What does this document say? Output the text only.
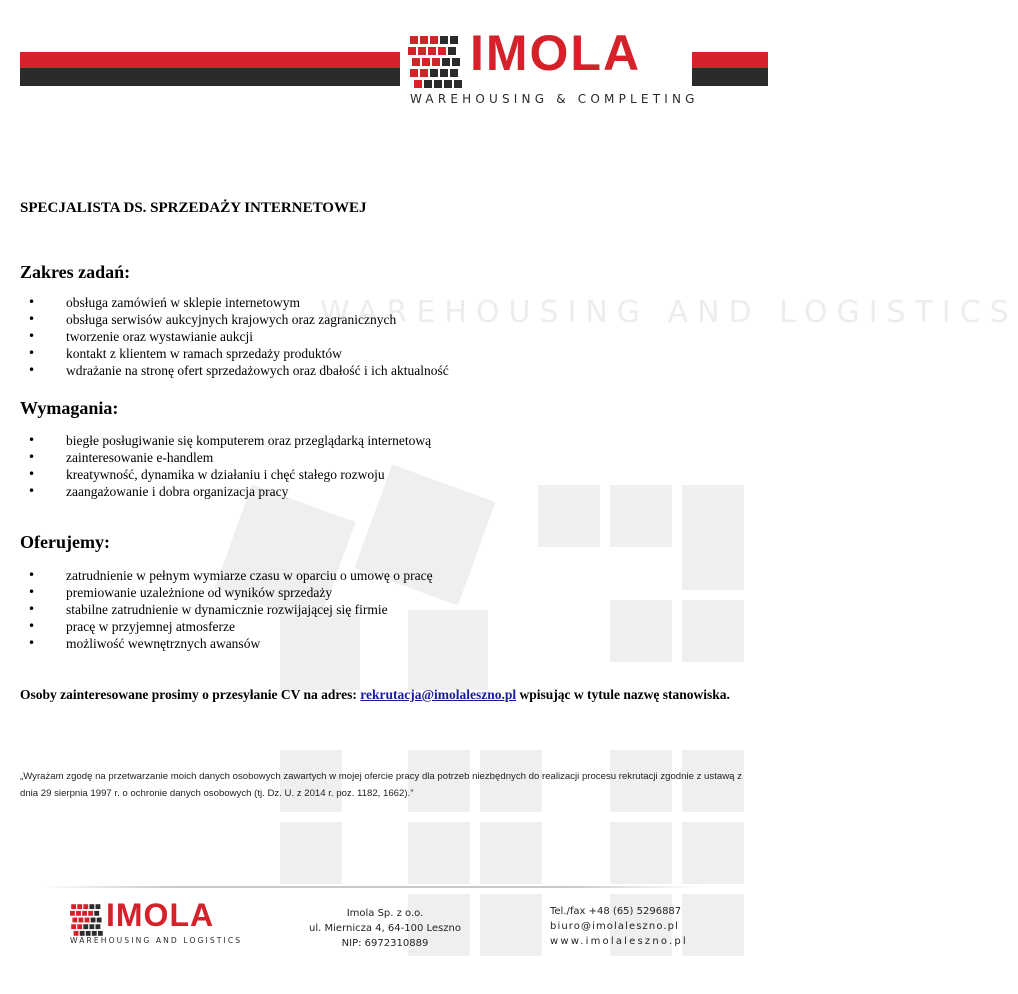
IMOLA
WAREHOUSING & COMPLETING
WAREHOUSING AND LOGISTICS
SPECJALISTA DS. SPRZEDAŻY INTERNETOWEJ
Zakres zadań:
• obsługa zamówień w sklepie internetowym
• obsługa serwisów aukcyjnych krajowych oraz zagranicznych
• tworzenie oraz wystawianie aukcji
• kontakt z klientem w ramach sprzedaży produktów
• wdrażanie na stronę ofert sprzedażowych oraz dbałość i ich aktualność
Wymagania:
• biegłe posługiwanie się komputerem oraz przeglądarką internetową
• zainteresowanie e-handlem
• kreatywność, dynamika w działaniu i chęć stałego rozwoju
• zaangażowanie i dobra organizacja pracy
Oferujemy:
• zatrudnienie w pełnym wymiarze czasu w oparciu o umowę o pracę
• premiowanie uzależnione od wyników sprzedaży
• stabilne zatrudnienie w dynamicznie rozwijającej się firmie
• pracę w przyjemnej atmosferze
• możliwość wewnętrznych awansów
Osoby zainteresowane prosimy o przesyłanie CV na adres: rekrutacja@imolaleszno.pl wpisując w tytule nazwę stanowiska.
„Wyrażam zgodę na przetwarzanie moich danych osobowych zawartych w mojej ofercie pracy dla potrzeb niezbędnych do realizacji procesu rekrutacji zgodnie z ustawą z dnia 29 sierpnia 1997 r. o ochronie danych osobowych (tj. Dz. U. z 2014 r. poz. 1182, 1662).”
IMOLA
WAREHOUSING AND LOGISTICS
Imola Sp. z o.o.
ul. Miernicza 4, 64-100 Leszno
NIP: 6972310889
Tel./fax +48 (65) 5296887
biuro@imolaleszno.pl
www.imolaleszno.pl
